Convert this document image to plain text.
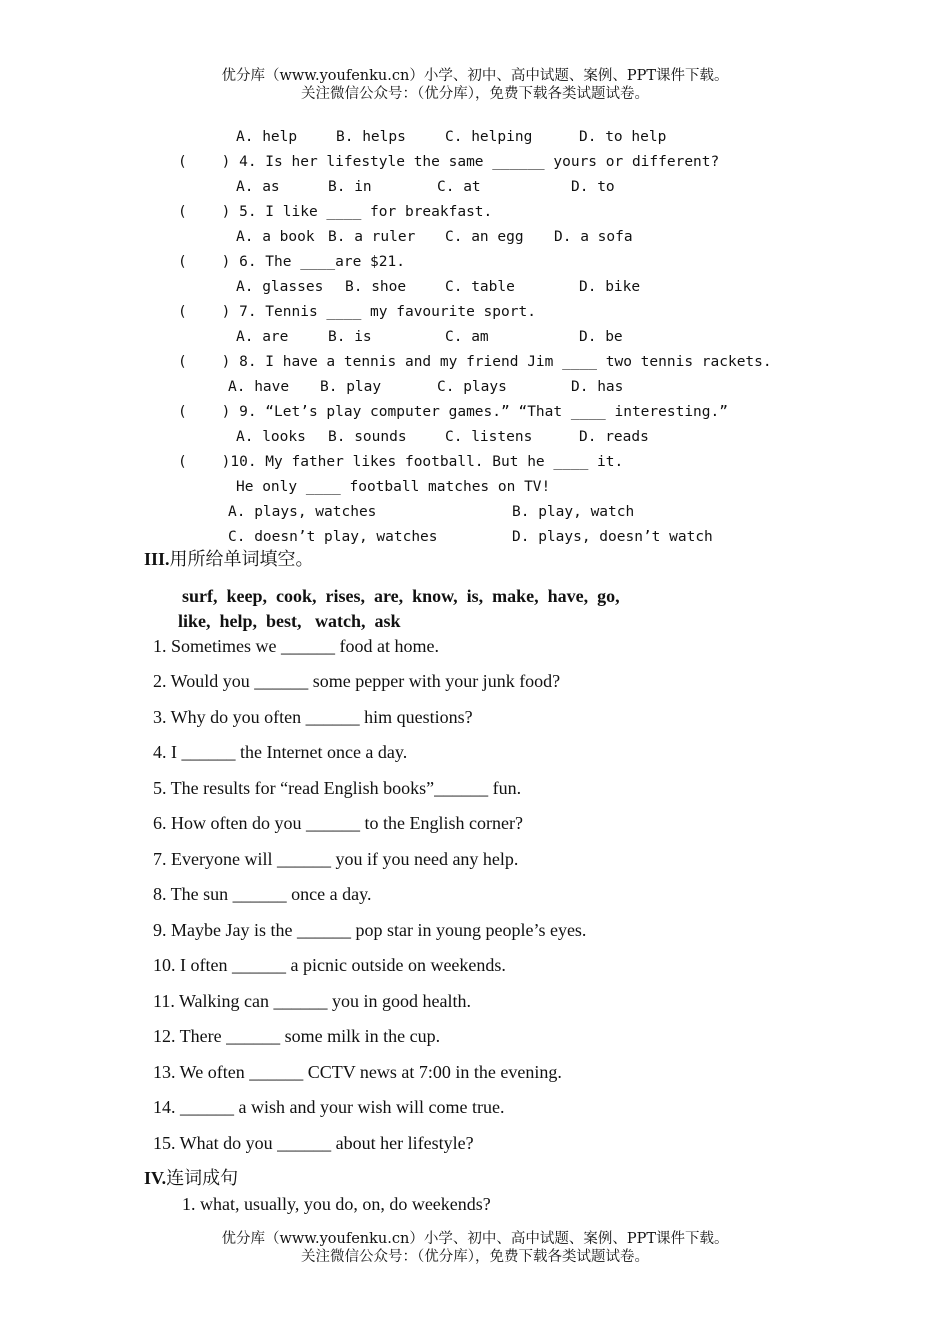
优分库（www.youfenku.cn）小学、初中、高中试题、案例、PPT课件下载。
关注微信公众号：（优分库），免费下载各类试题试卷。
A. help	B. helps	C. helping	D. to help
(    ) 4. Is her lifestyle the same ______ yours or different?
A. as	B. in	C. at	D. to
(    ) 5. I like ____ for breakfast.
A. a book B. a ruler C. an egg D. a sofa
(    ) 6. The ____are $21.
A. glasses B. shoe	C. table	D. bike
(    ) 7. Tennis ____ my favourite sport.
A. are	B. is	C. am	D. be
(    ) 8. I have a tennis and my friend Jim ____ two tennis rackets.
A. have B. play	C. plays	D. has
(    ) 9. “Let’s play computer games.” “That ____ interesting.”
A. looks B. sounds	C. listens	D. reads
(    )10. My father likes football. But he ____ it.
He only ____ football matches on TV!
A. plays, watches	B. play, watch
C. doesn’t play, watches	D. plays, doesn’t watch
III.用所给单词填空。
surf,  keep,  cook,  rises,  are,  know,  is,  make,  have,  go,
like,  help,  best,   watch,  ask
1. Sometimes we ______ food at home.
2. Would you ______ some pepper with your junk food?
3. Why do you often ______ him questions?
4. I ______ the Internet once a day.
5. The results for “read English books”______ fun.
6. How often do you ______ to the English corner?
7. Everyone will ______ you if you need any help.
8. The sun ______ once a day.
9. Maybe Jay is the ______ pop star in young people’s eyes.
10. I often ______ a picnic outside on weekends.
11. Walking can ______ you in good health.
12. There ______ some milk in the cup.
13. We often ______ CCTV news at 7:00 in the evening.
14. ______ a wish and your wish will come true.
15. What do you ______ about her lifestyle?
IV.连词成句
1. what, usually, you do, on, do weekends?
优分库（www.youfenku.cn）小学、初中、高中试题、案例、PPT课件下载。
关注微信公众号：（优分库），免费下载各类试题试卷。
